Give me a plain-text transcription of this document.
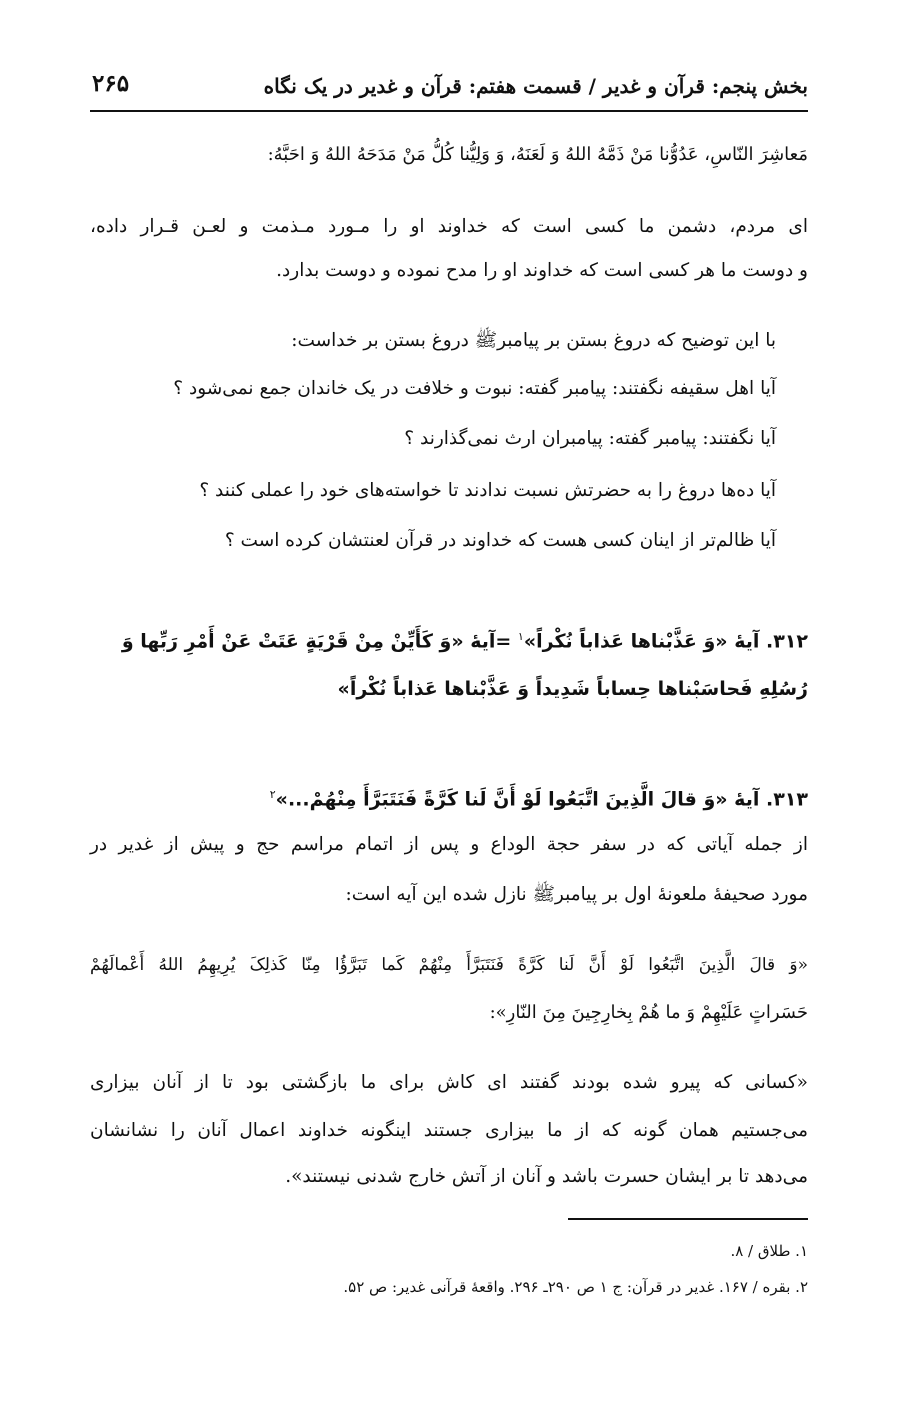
بخش پنجم: قرآن و غدیر / قسمت هفتم: قرآن و غدیر در یک نگاه
۲۶۵
مَعاشِرَ النّاسِ، عَدُوُّنا مَنْ ذَمَّهُ اللهُ وَ لَعَنَهُ، وَ وَلِیُّنا کُلُّ مَنْ مَدَحَهُ اللهُ وَ احَبَّهُ:
ای مردم، دشمن ما کسی است که خداوند او را مـورد مـذمت و لعـن قـرار داده،
و دوست ما هر کسی است که خداوند او را مدح نموده و دوست بدارد.
با این توضیح که دروغ بستن بر پیامبرﷺ دروغ بستن بر خداست:
آیا اهل سقیفه نگفتند: پیامبر گفته: نبوت و خلافت در یک خاندان جمع نمی‌شود ؟
آیا نگفتند: پیامبر گفته: پیامبران ارث نمی‌گذارند ؟
آیا ده‌ها دروغ را به حضرتش نسبت ندادند تا خواسته‌های خود را عملی کنند ؟
آیا ظالم‌تر از اینان کسی هست که خداوند در قرآن لعنتشان کرده است ؟
۳۱۲. آیهٔ «وَ عَذَّبْناها عَذاباً نُکْراً»$^۱$ =آیهٔ «وَ کَأَیِّنْ مِنْ قَرْیَةٍ عَتَتْ عَنْ أَمْرِ رَبِّها وَ
رُسُلِهِ فَحاسَبْناها حِساباً شَدِیداً وَ عَذَّبْناها عَذاباً نُکْراً»
۳۱۳. آیهٔ «وَ قالَ الَّذِینَ اتَّبَعُوا لَوْ أَنَّ لَنا کَرَّةً فَنَتَبَرَّأَ مِنْهُمْ...»$^۲$
از جمله آیاتی که در سفر حجة الوداع و پس از اتمام مراسم حج و پیش از غدیر در
مورد صحیفهٔ ملعونهٔ اول بر پیامبرﷺ نازل شده این آیه است:
«وَ قالَ الَّذِینَ اتَّبَعُوا لَوْ أَنَّ لَنا کَرَّةً فَنَتَبَرَّأَ مِنْهُمْ کَما تَبَرَّؤُا مِنّا کَذلِکَ یُرِیهِمُ اللهُ أَعْمالَهُمْ
حَسَراتٍ عَلَیْهِمْ وَ ما هُمْ بِخارِجِینَ مِنَ النّارِ»:
«کسانی که پیرو شده بودند گفتند ای کاش برای ما بازگشتی بود تا از آنان بیزاری
می‌جستیم همان گونه که از ما بیزاری جستند اینگونه خداوند اعمال آنان را نشانشان
می‌دهد تا بر ایشان حسرت باشد و آنان از آتش خارج شدنی نیستند».
۱. طلاق / ۸.
۲. بقره / ۱۶۷. غدیر در قرآن: ج ۱ ص ۲۹۰ـ ۲۹۶. واقعهٔ قرآنی غدیر: ص ۵۲.
